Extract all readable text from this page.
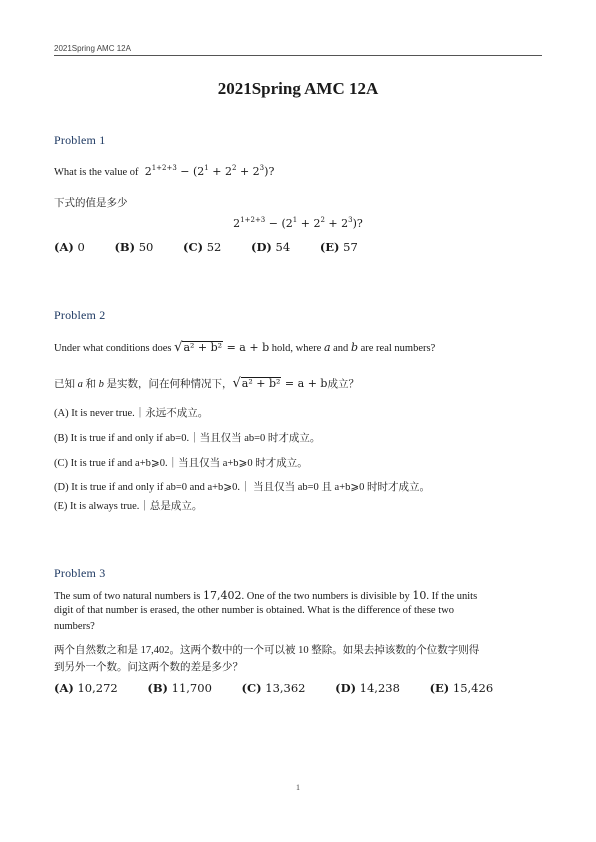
2021Spring AMC 12A
2021Spring AMC 12A
Problem 1
What is the value of $2^{1+2+3} - (2^1 + 2^2 + 2^3)$?
下式的值是多少
$2^{1+2+3} - (2^1 + 2^2 + 2^3)$?
(A) 0	(B) 50	(C) 52	(D) 54	(E) 57
Problem 2
Under what conditions does √a² + b² = a + b hold, where a and b are real numbers?
已知 a 和 b 是实数，问在何种情况下，√a² + b² = a + b成立？
(A) It is never true.｜永远不成立。
(B) It is true if and only if ab=0.｜当且仅当 ab=0 时才成立。
(C) It is true if and a+b⩾0.｜当且仅当 a+b⩾0 时才成立。
(D) It is true if and only if ab=0 and a+b⩾0.｜ 当且仅当 ab=0 且 a+b⩾0 时时才成立。
(E) It is always true.｜总是成立。
Problem 3
The sum of two natural numbers is 17,402. One of the two numbers is divisible by 10. If the units
digit of that number is erased, the other number is obtained. What is the difference of these two
numbers?
两个自然数之和是 17,402。这两个数中的一个可以被 10 整除。如果去掉该数的个位数字则得
到另外一个数。问这两个数的差是多少？
(A) 10,272	(B) 11,700	(C) 13,362	(D) 14,238	(E) 15,426
1
